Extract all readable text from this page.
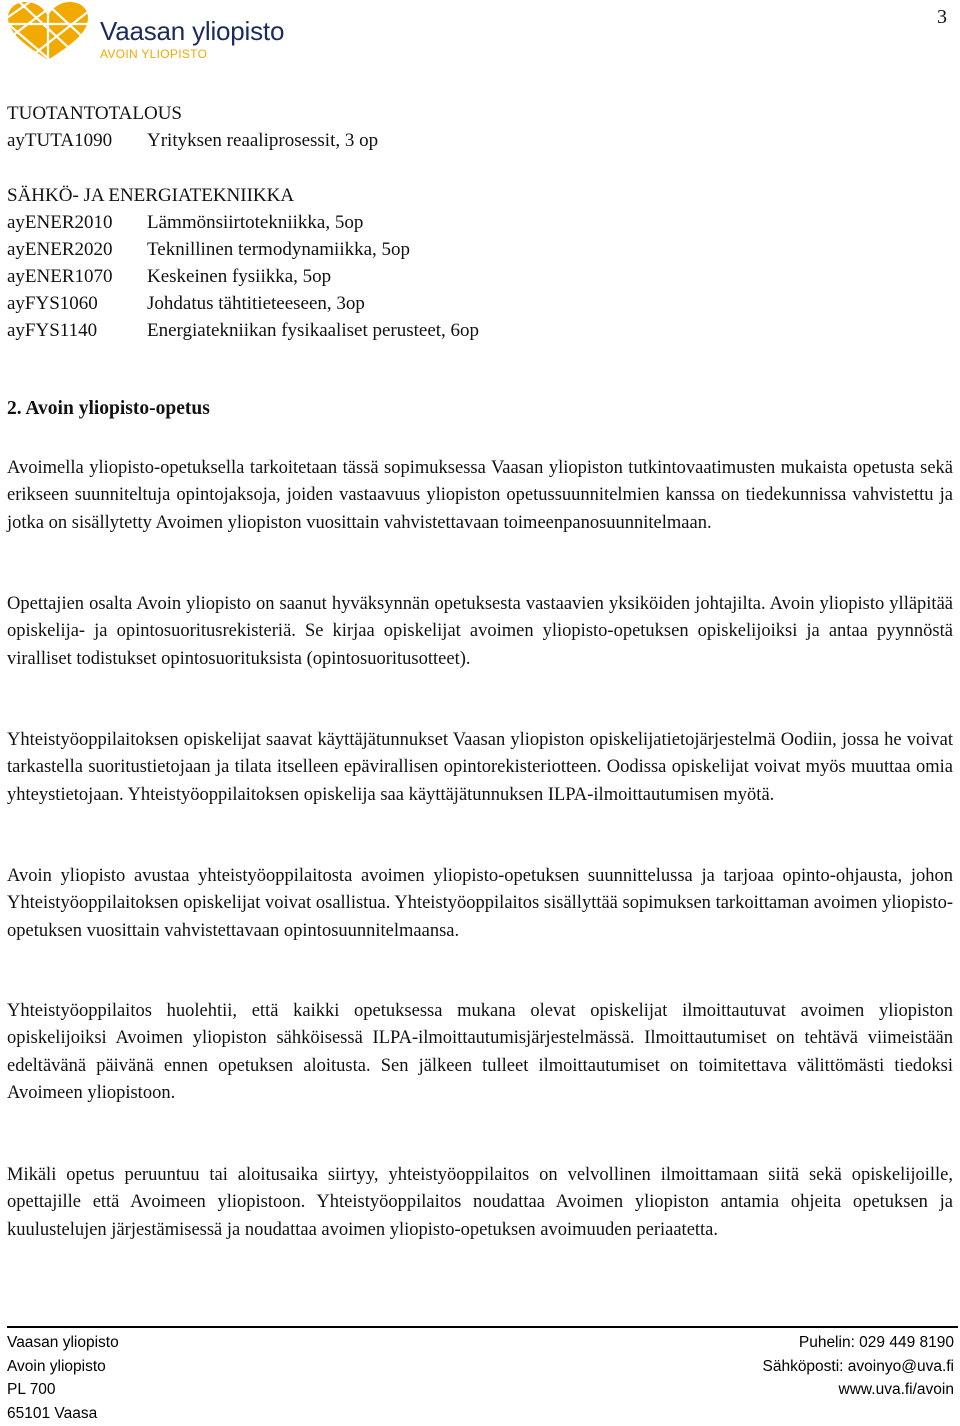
Vaasan yliopisto
AVOIN YLIOPISTO
3
TUOTANTOTALOUS
ayTUTA1090 Yrityksen reaaliprosessit, 3 op
SÄHKÖ- JA ENERGIATEKNIIKKA
ayENER2010 Lämmönsiirtotekniikka, 5op
ayENER2020 Teknillinen termodynamiikka, 5op
ayENER1070 Keskeinen fysiikka, 5op
ayFYS1060	Johdatus tähtitieteeseen, 3op
ayFYS1140	Energiatekniikan fysikaaliset perusteet, 6op
2. Avoin yliopisto-opetus

Avoimella yliopisto-opetuksella tarkoitetaan tässä sopimuksessa Vaasan yliopiston tutkintovaatimusten mukaista opetusta sekä erikseen suunniteltuja opintojaksoja, joiden vastaavuus yliopiston opetussuunnitelmien kanssa on tiedekunnissa vahvistettu ja jotka on sisällytetty Avoimen yliopiston vuosittain vahvistettavaan toimeenpanosuunnitelmaan.

Opettajien osalta Avoin yliopisto on saanut hyväksynnän opetuksesta vastaavien yksiköiden johtajilta. Avoin yliopisto ylläpitää opiskelija- ja opintosuoritusrekisteriä. Se kirjaa opiskelijat avoimen yliopisto-opetuksen opiskelijoiksi ja antaa pyynnöstä viralliset todistukset opintosuorituksista (opintosuoritusotteet).

Yhteistyöoppilaitoksen opiskelijat saavat käyttäjätunnukset Vaasan yliopiston opiskelijatietojärjestelmä Oodiin, jossa he voivat tarkastella suoritustietojaan ja tilata itselleen epävirallisen opintorekisteriotteen. Oodissa opiskelijat voivat myös muuttaa omia yhteystietojaan. Yhteistyöoppilaitoksen opiskelija saa käyttäjätunnuksen ILPA-ilmoittautumisen myötä.

Avoin yliopisto avustaa yhteistyöoppilaitosta avoimen yliopisto-opetuksen suunnittelussa ja tarjoaa opinto-ohjausta, johon Yhteistyöoppilaitoksen opiskelijat voivat osallistua. Yhteistyöoppilaitos sisällyttää sopimuksen tarkoittaman avoimen yliopisto-opetuksen vuosittain vahvistettavaan opintosuunnitelmaansa.

Yhteistyöoppilaitos huolehtii, että kaikki opetuksessa mukana olevat opiskelijat ilmoittautuvat avoimen yliopiston opiskelijoiksi Avoimen yliopiston sähköisessä ILPA-ilmoittautumisjärjestelmässä. Ilmoittautumiset on tehtävä viimeistään edeltävänä päivänä ennen opetuksen aloitusta. Sen jälkeen tulleet ilmoittautumiset on toimitettava välittömästi tiedoksi Avoimeen yliopistoon.

Mikäli opetus peruuntuu tai aloitusaika siirtyy, yhteistyöoppilaitos on velvollinen ilmoittamaan siitä sekä opiskelijoille, opettajille että Avoimeen yliopistoon. Yhteistyöoppilaitos noudattaa Avoimen yliopiston antamia ohjeita opetuksen ja kuulustelujen järjestämisessä ja noudattaa avoimen yliopisto-opetuksen avoimuuden periaatetta.

Vaasan yliopisto
Avoin yliopisto
PL 700
65101 Vaasa
Puhelin: 029 449 8190
Sähköposti: avoinyo@uva.fi
www.uva.fi/avoin
